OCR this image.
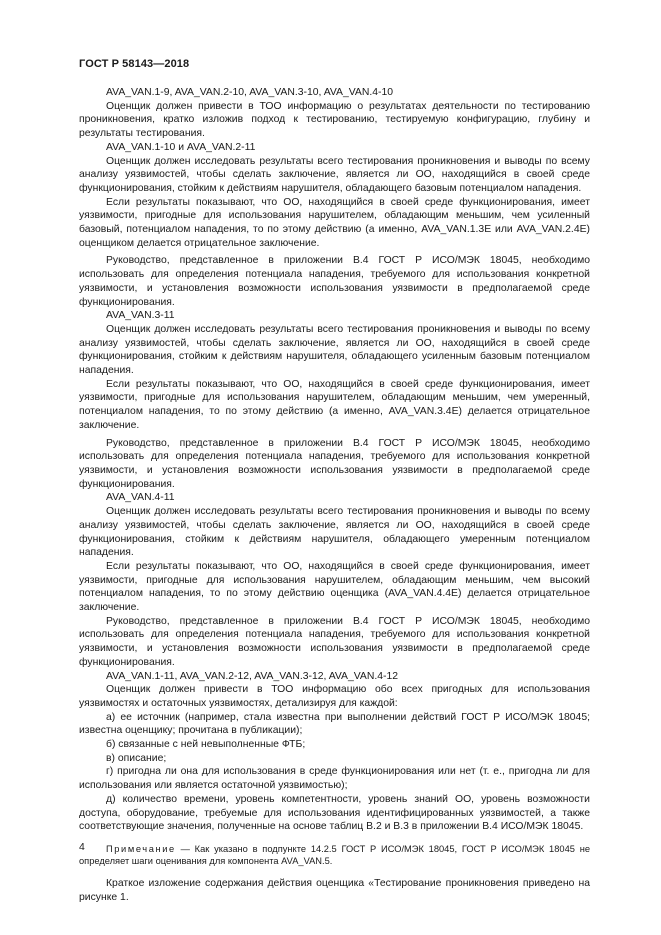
ГОСТ Р 58143—2018

AVA_VAN.1-9, AVA_VAN.2-10, AVA_VAN.3-10, AVA_VAN.4-10

Оценщик должен привести в ТОО информацию о результатах деятельности по тестированию проникновения, кратко изложив подход к тестированию, тестируемую конфигурацию, глубину и результаты тестирования.

AVA_VAN.1-10 и AVA_VAN.2-11

Оценщик должен исследовать результаты всего тестирования проникновения и выводы по всему анализу уязвимостей, чтобы сделать заключение, является ли ОО, находящийся в своей среде функционирования, стойким к действиям нарушителя, обладающего базовым потенциалом нападения.

Если результаты показывают, что ОО, находящийся в своей среде функционирования, имеет уязвимости, пригодные для использования нарушителем, обладающим меньшим, чем усиленный базовый, потенциалом нападения, то по этому действию (а именно, AVA_VAN.1.3E или AVA_VAN.2.4E) оценщиком делается отрицательное заключение.

Руководство, представленное в приложении B.4 ГОСТ Р ИСО/МЭК 18045, необходимо использовать для определения потенциала нападения, требуемого для использования конкретной уязвимости, и установления возможности использования уязвимости в предполагаемой среде функционирования.

AVA_VAN.3-11

Оценщик должен исследовать результаты всего тестирования проникновения и выводы по всему анализу уязвимостей, чтобы сделать заключение, является ли ОО, находящийся в своей среде функционирования, стойким к действиям нарушителя, обладающего усиленным базовым потенциалом нападения.

Если результаты показывают, что ОО, находящийся в своей среде функционирования, имеет уязвимости, пригодные для использования нарушителем, обладающим меньшим, чем умеренный, потенциалом нападения, то по этому действию (а именно, AVA_VAN.3.4E) делается отрицательное заключение.

Руководство, представленное в приложении B.4 ГОСТ Р ИСО/МЭК 18045, необходимо использовать для определения потенциала нападения, требуемого для использования конкретной уязвимости, и установления возможности использования уязвимости в предполагаемой среде функционирования.

AVA_VAN.4-11

Оценщик должен исследовать результаты всего тестирования проникновения и выводы по всему анализу уязвимостей, чтобы сделать заключение, является ли ОО, находящийся в своей среде функционирования, стойким к действиям нарушителя, обладающего умеренным потенциалом нападения.

Если результаты показывают, что ОО, находящийся в своей среде функционирования, имеет уязвимости, пригодные для использования нарушителем, обладающим меньшим, чем высокий потенциалом нападения, то по этому действию оценщика (AVA_VAN.4.4E) делается отрицательное заключение.

Руководство, представленное в приложении B.4 ГОСТ Р ИСО/МЭК 18045, необходимо использовать для определения потенциала нападения, требуемого для использования конкретной уязвимости, и установления возможности использования уязвимости в предполагаемой среде функционирования.

AVA_VAN.1-11, AVA_VAN.2-12, AVA_VAN.3-12, AVA_VAN.4-12

Оценщик должен привести в ТОО информацию обо всех пригодных для использования уязвимостях и остаточных уязвимостях, детализируя для каждой:

а) ее источник (например, стала известна при выполнении действий ГОСТ Р ИСО/МЭК 18045; известна оценщику; прочитана в публикации);

б) связанные с ней невыполненные ФТБ;

в) описание;

г) пригодна ли она для использования в среде функционирования или нет (т. е., пригодна ли для использования или является остаточной уязвимостью);

д) количество времени, уровень компетентности, уровень знаний ОО, уровень возможности доступа, оборудование, требуемые для использования идентифицированных уязвимостей, а также соответствующие значения, полученные на основе таблиц B.2 и B.3 в приложении B.4 ИСО/МЭК 18045.

Примечание — Как указано в подпункте 14.2.5 ГОСТ Р ИСО/МЭК 18045, ГОСТ Р ИСО/МЭК 18045 не определяет шаги оценивания для компонента AVA_VAN.5.

Краткое изложение содержания действия оценщика «Тестирование проникновения приведено на рисунке 1.

4
